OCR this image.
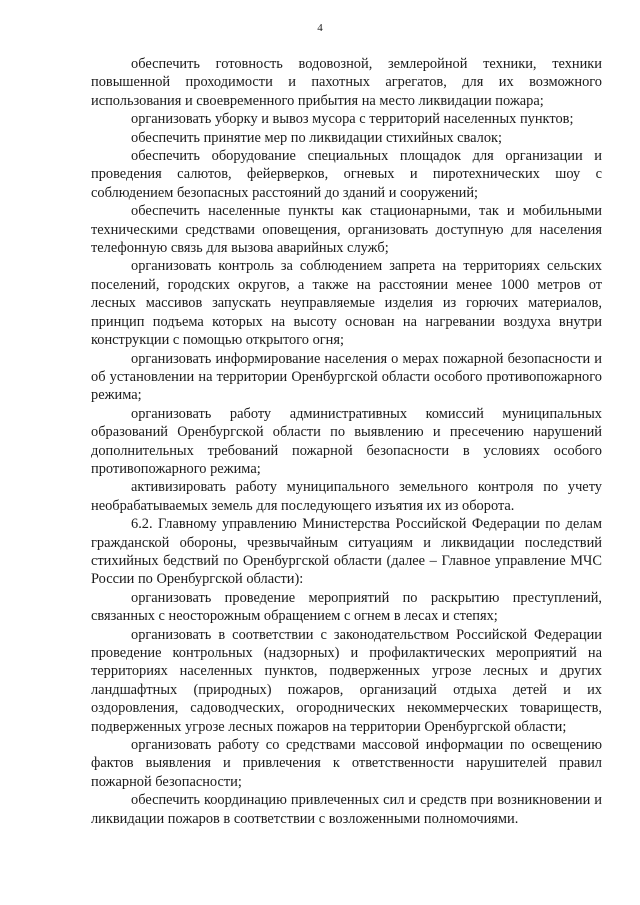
4

обеспечить готовность водовозной, землеройной техники, техники повышенной проходимости и пахотных агрегатов, для их возможного использования и своевременного прибытия на место ликвидации пожара;

организовать уборку и вывоз мусора с территорий населенных пунктов;

обеспечить принятие мер по ликвидации стихийных свалок;

обеспечить оборудование специальных площадок для организации и проведения салютов, фейерверков, огневых и пиротехнических шоу с соблюдением безопасных расстояний до зданий и сооружений;

обеспечить населенные пункты как стационарными, так и мобильными техническими средствами оповещения, организовать доступную для населения телефонную связь для вызова аварийных служб;

организовать контроль за соблюдением запрета на территориях сельских поселений, городских округов, а также на расстоянии менее 1000 метров от лесных массивов запускать неуправляемые изделия из горючих материалов, принцип подъема которых на высоту основан на нагревании воздуха внутри конструкции с помощью открытого огня;

организовать информирование населения о мерах пожарной безопасности и об установлении на территории Оренбургской области особого противопожарного режима;

организовать работу административных комиссий муниципальных образований Оренбургской области по выявлению и пресечению нарушений дополнительных требований пожарной безопасности в условиях особого противопожарного режима;

активизировать работу муниципального земельного контроля по учету необрабатываемых земель для последующего изъятия их из оборота.

6.2. Главному управлению Министерства Российской Федерации по делам гражданской обороны, чрезвычайным ситуациям и ликвидации последствий стихийных бедствий по Оренбургской области (далее – Главное управление МЧС России по Оренбургской области):

организовать проведение мероприятий по раскрытию преступлений, связанных с неосторожным обращением с огнем в лесах и степях;

организовать в соответствии с законодательством Российской Федерации проведение контрольных (надзорных) и профилактических мероприятий на территориях населенных пунктов, подверженных угрозе лесных и других ландшафтных (природных) пожаров, организаций отдыха детей и их оздоровления, садоводческих, огороднических некоммерческих товариществ, подверженных угрозе лесных пожаров на территории Оренбургской области;

организовать работу со средствами массовой информации по освещению фактов выявления и привлечения к ответственности нарушителей правил пожарной безопасности;

обеспечить координацию привлеченных сил и средств при возникновении и ликвидации пожаров в соответствии с возложенными полномочиями.
